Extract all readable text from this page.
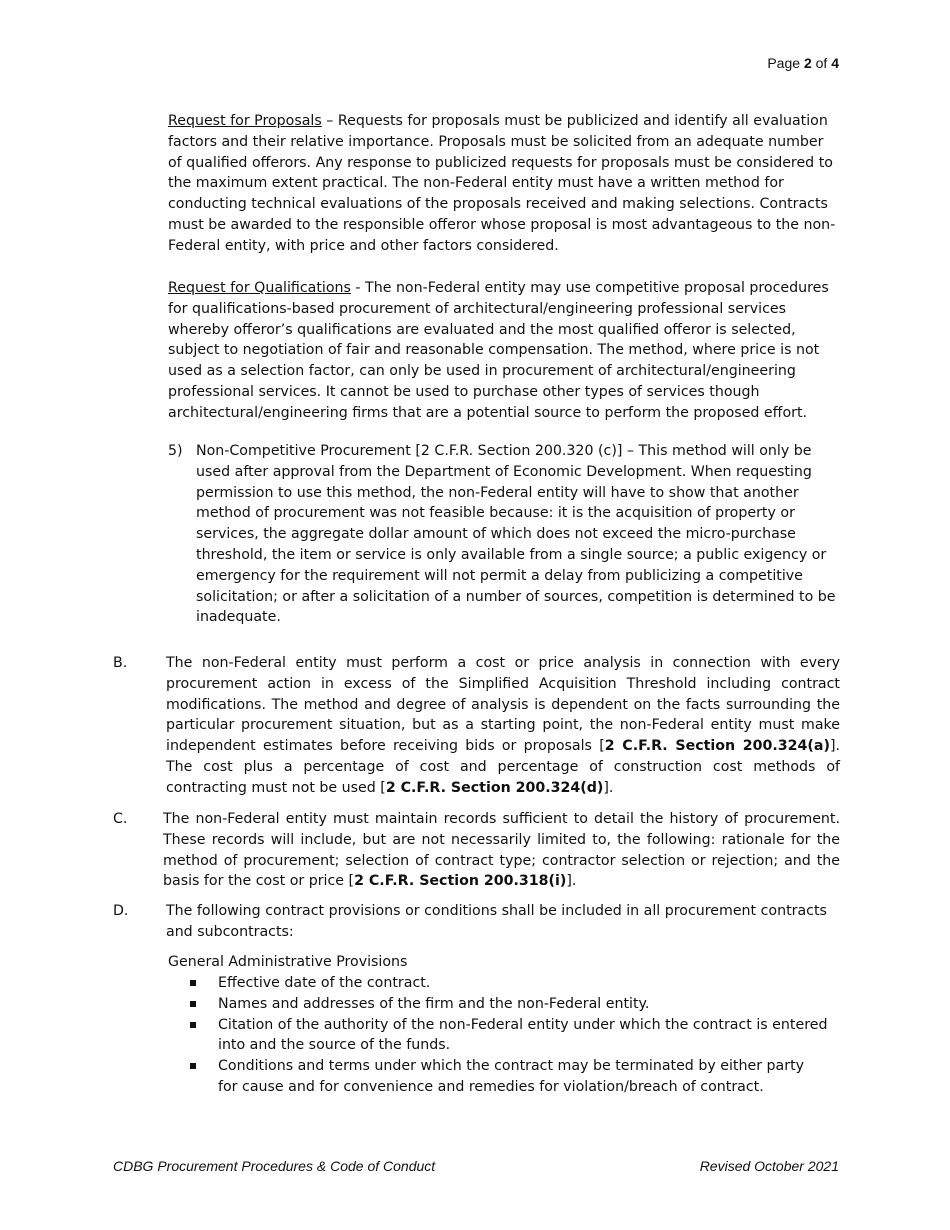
Page 2 of 4
Request for Proposals – Requests for proposals must be publicized and identify all evaluation factors and their relative importance. Proposals must be solicited from an adequate number of qualified offerors. Any response to publicized requests for proposals must be considered to the maximum extent practical. The non-Federal entity must have a written method for conducting technical evaluations of the proposals received and making selections. Contracts must be awarded to the responsible offeror whose proposal is most advantageous to the non-Federal entity, with price and other factors considered.
Request for Qualifications - The non-Federal entity may use competitive proposal procedures for qualifications-based procurement of architectural/engineering professional services whereby offeror’s qualifications are evaluated and the most qualified offeror is selected, subject to negotiation of fair and reasonable compensation. The method, where price is not used as a selection factor, can only be used in procurement of architectural/engineering professional services. It cannot be used to purchase other types of services though architectural/engineering firms that are a potential source to perform the proposed effort.
5) Non-Competitive Procurement [2 C.F.R. Section 200.320 (c)] – This method will only be used after approval from the Department of Economic Development. When requesting permission to use this method, the non-Federal entity will have to show that another method of procurement was not feasible because: it is the acquisition of property or services, the aggregate dollar amount of which does not exceed the micro-purchase threshold, the item or service is only available from a single source; a public exigency or emergency for the requirement will not permit a delay from publicizing a competitive solicitation; or after a solicitation of a number of sources, competition is determined to be inadequate.
B.	The non-Federal entity must perform a cost or price analysis in connection with every procurement action in excess of the Simplified Acquisition Threshold including contract modifications. The method and degree of analysis is dependent on the facts surrounding the particular procurement situation, but as a starting point, the non-Federal entity must make independent estimates before receiving bids or proposals [2 C.F.R. Section 200.324(a)]. The cost plus a percentage of cost and percentage of construction cost methods of contracting must not be used [2 C.F.R. Section 200.324(d)].
C.	The non-Federal entity must maintain records sufficient to detail the history of procurement. These records will include, but are not necessarily limited to, the following: rationale for the method of procurement; selection of contract type; contractor selection or rejection; and the basis for the cost or price [2 C.F.R. Section 200.318(i)].
D.	The following contract provisions or conditions shall be included in all procurement contracts and subcontracts:
General Administrative Provisions
Effective date of the contract.
Names and addresses of the firm and the non-Federal entity.
Citation of the authority of the non-Federal entity under which the contract is entered into and the source of the funds.
Conditions and terms under which the contract may be terminated by either party for cause and for convenience and remedies for violation/breach of contract.
CDBG Procurement Procedures & Code of Conduct	Revised October 2021
